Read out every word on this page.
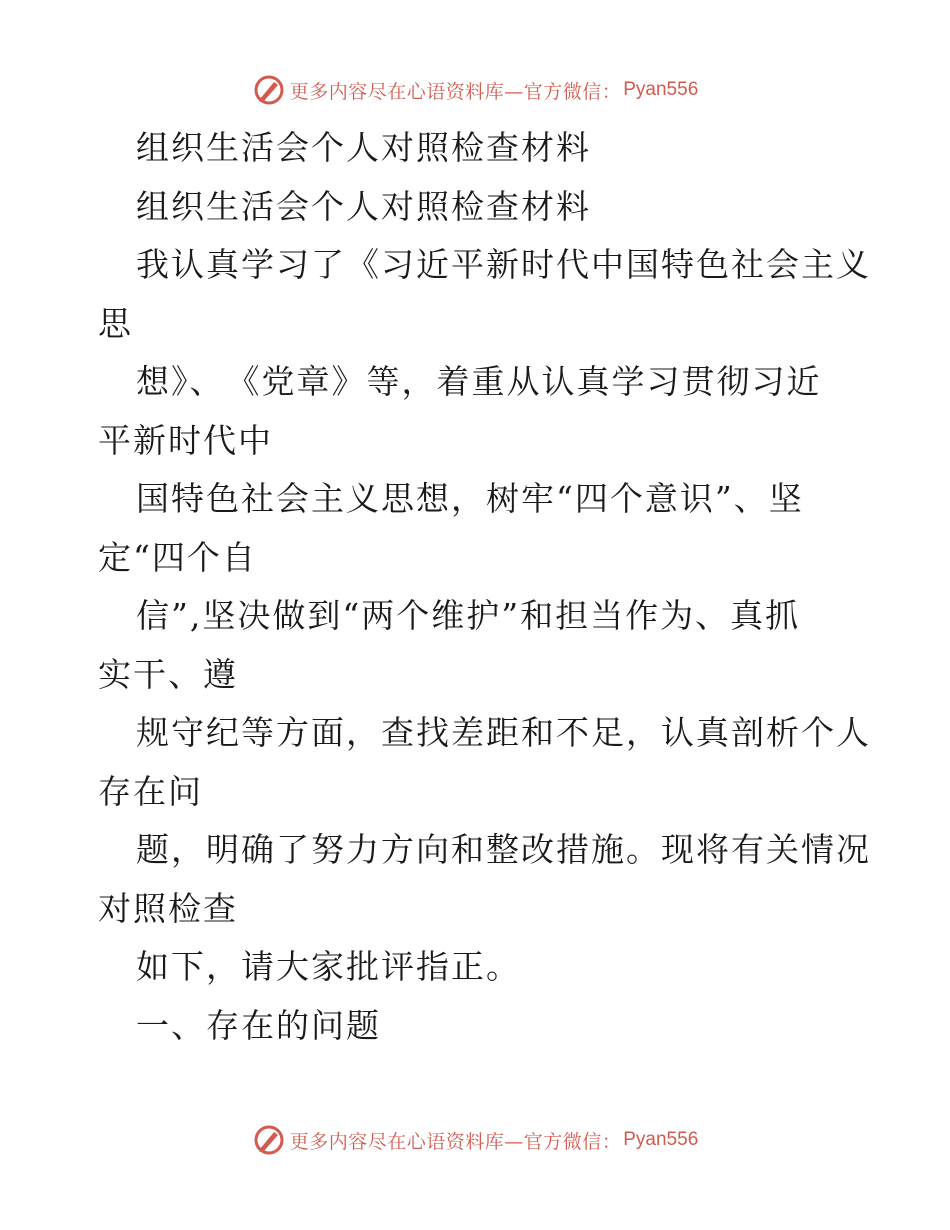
更多内容尽在心语资料库—官方微信： Pyan556
组织生活会个人对照检查材料
组织生活会个人对照检查材料
我认真学习了《习近平新时代中国特色社会主义
思
想》、　《党章》等，着重从认真学习贯彻习近
平新时代中
国特色社会主义思想，树牢“四个意识”、坚
定“四个自
信”,坚决做到“两个维护”和担当作为、真抓
实干、遵
规守纪等方面，查找差距和不足，认真剖析个人
存在问
题，明确了努力方向和整改措施。现将有关情况
对照检查
如下，请大家批评指正。
一、存在的问题
更多内容尽在心语资料库—官方微信： Pyan556
